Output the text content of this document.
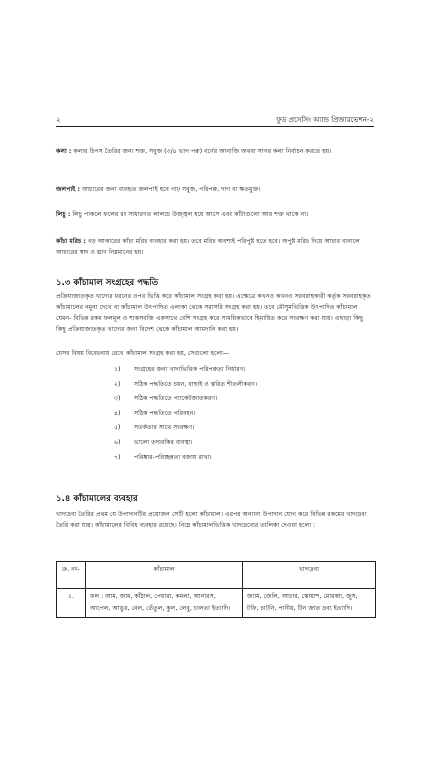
২	ফুড প্রসেসিং অ্যান্ড প্রিজারভেশন-২

কলা : কলার চিপস তৈরির জন্য শক্ত, সবুজ (৩/৪ ভাগ পক্ব) বর্ণের আনাজি অথবা সাগর কলা নির্বাচন করতে হয়।

জলপাই : আচারের জন্য ব্যবহৃত জলপাই হবে গাঢ় সবুজ, পরিপক্ব, দাগ বা ক্ষতমুক্ত।

লিচু : লিচু পাকলে ফলের রং সাধারণত লালচে উজ্জ্বল হয়ে আসে এবং কাঁটাগুলো আর শক্ত থাকে না।

কাঁচা মরিচ : বড় আকারের কাঁচা মরিচ ব্যবহার করা হয়। তবে মরিচ অবশ্যই পরিপুষ্ট হতে হবে। অপুষ্ট মরিচ দিয়ে আচার বানালে আচারের স্বাদ ও ঘ্রাণ নিম্নমানের হয়।

১.৩ কাঁচামাল সংগ্রহের পদ্ধতি

প্রক্রিয়াজাতকৃত খাদ্যের ধরনের ওপর ভিত্তি করে কাঁচামাল সংগ্রহ করা হয়। এক্ষেত্রে কখনও কখনও সরবরাহকারী কর্তৃক সরবরাহকৃত কাঁচামালের নমুনা দেখে বা কাঁচামাল উৎপাদিত এলাকা থেকে সরাসরি সংগ্রহ করা হয়। তবে মৌসুমভিত্তিক উৎপাদিত কাঁচামাল যেমন- বিভিন্ন রকম ফলমূল ও শাকসবজি একসাথে বেশি সংগ্রহ করে সাময়িকভাবে হিমায়িত করে সংরক্ষণ করা যায়। এছাড়া কিছু কিছু প্রক্রিয়াজাতকৃত খাদ্যের জন্য বিদেশ থেকে কাঁচামাল আমদানি করা হয়।

যেসব বিষয় বিবেচনায় রেখে কাঁচামাল সংগ্রহ করা হয়, সেগুলো হলো—

১)	সংগ্রহের জন্য খাদ্যভিত্তিক পরিপক্বতা নির্ধারণ।
২)	সঠিক পদ্ধতিতে চয়ন, বাছাই ও ত্বরিত শীতলীকরণ।
৩)	সঠিক পদ্ধতিতে প্যাকেটজাতকরণ।
৪)	সঠিক পদ্ধতিতে পরিবহন।
৫)	সতর্কতার সাথে সংরক্ষণ।
৬)	ভালো তদারকির ব্যবস্থা।
৭)	পরিষ্কার-পরিচ্ছন্নতা বজায় রাখা।
১.৪ কাঁচামালের ব্যবহার

খাদ্যদ্রব্য তৈরির প্রথম যে উপাদানটির প্রয়োজন সেটি হলো কাঁচামাল। এরপর অন্যান্য উপাদান যোগ করে বিভিন্ন রকমের খাদ্যদ্রব্য তৈরি করা যায়। কাঁচামালের বিবিধ ব্যবহার রয়েছে। নিম্নে কাঁচামালভিত্তিক খাদ্যদ্রব্যের তালিকা দেওয়া হলো :

ক্র. নং-	কাঁচামাল	খাদ্যদ্রব্য
১.	ফল : আম, জাম, কাঁঠাল, পেয়ারা, কমলা, আনারস, আপেল, আঙুর, বেল, তেঁতুল, কুল, লেবু, চালতা ইত্যাদি।	জ্যাম, জেলি, আচার, স্কোয়াশ, মোরব্বা, জুস, টফি, চাটনি, পানীয়, টিন জাত দ্রব্য ইত্যাদি।
